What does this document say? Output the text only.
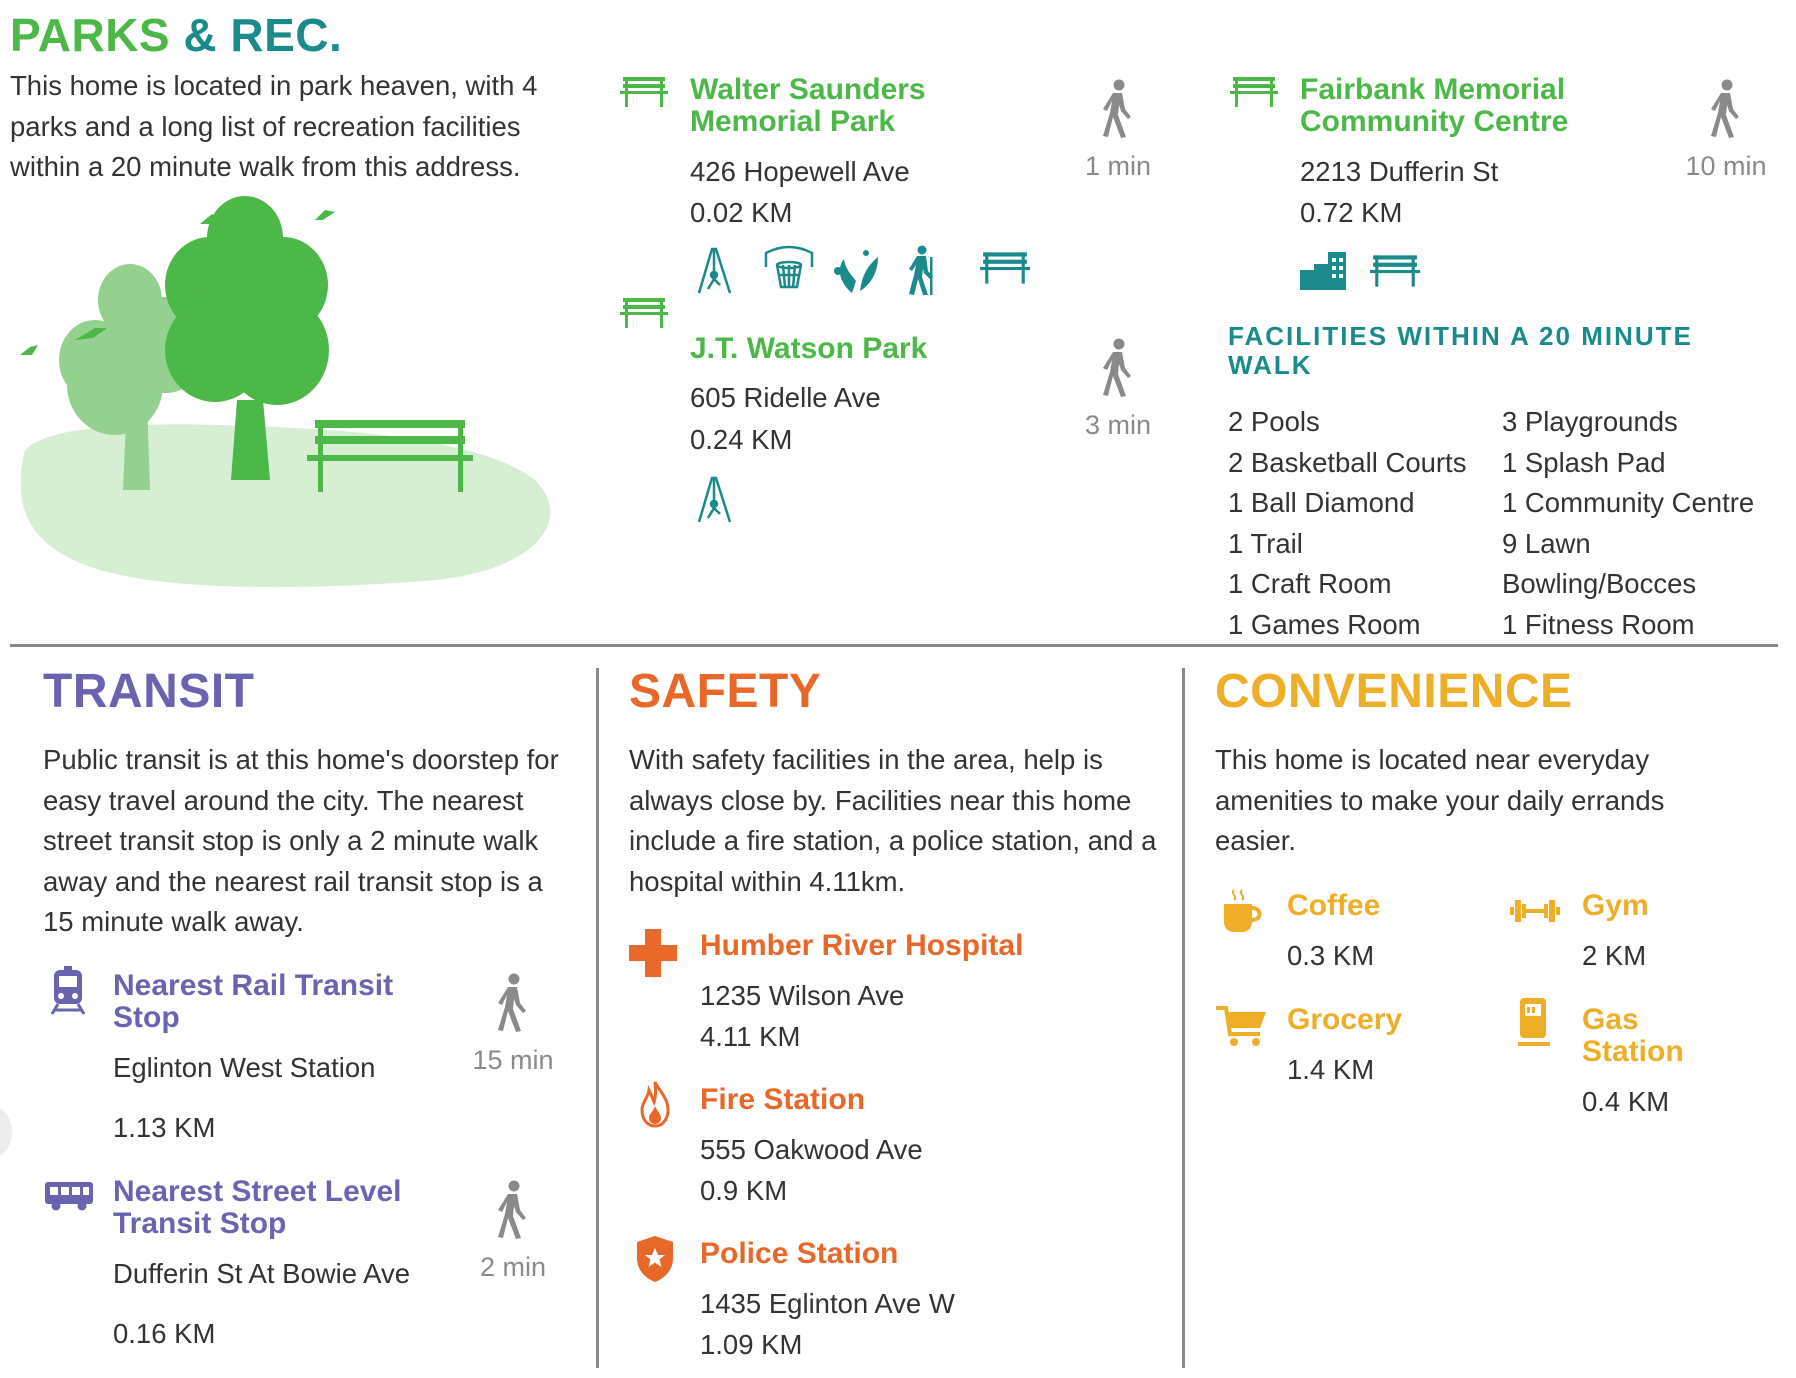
PARKS & REC.
This home is located in park heaven, with 4 parks and a long list of recreation facilities within a 20 minute walk from this address.
Walter Saunders
Memorial Park
426 Hopewell Ave
0.02 KM
1 min
J.T. Watson Park
605 Ridelle Ave
0.24 KM	3 min
Fairbank Memorial
Community Centre
2213 Dufferin St
0.72 KM
10 min
FACILITIES WITHIN A 20 MINUTE
WALK
2 Pools
2 Basketball Courts
1 Ball Diamond
1 Trail
1 Craft Room
1 Games Room
3 Playgrounds
1 Splash Pad
1 Community Centre
9 Lawn
Bowling/Bocces
1 Fitness Room
TRANSIT
Public transit is at this home's doorstep for easy travel around the city. The nearest street transit stop is only a 2 minute walk away and the nearest rail transit stop is a 15 minute walk away.
Nearest Rail Transit
Stop
Eglinton West Station
1.13 KM
15 min
Nearest Street Level
Transit Stop
Dufferin St At Bowie Ave
0.16 KM
2 min
SAFETY
With safety facilities in the area, help is always close by. Facilities near this home include a fire station, a police station, and a hospital within 4.11km.
Humber River Hospital
1235 Wilson Ave
4.11 KM
Fire Station
555 Oakwood Ave
0.9 KM
Police Station
1435 Eglinton Ave W
1.09 KM
CONVENIENCE
This home is located near everyday amenities to make your daily errands easier.
Coffee
0.3 KM
Gym
2 KM
Grocery
1.4 KM
Gas
Station
0.4 KM
